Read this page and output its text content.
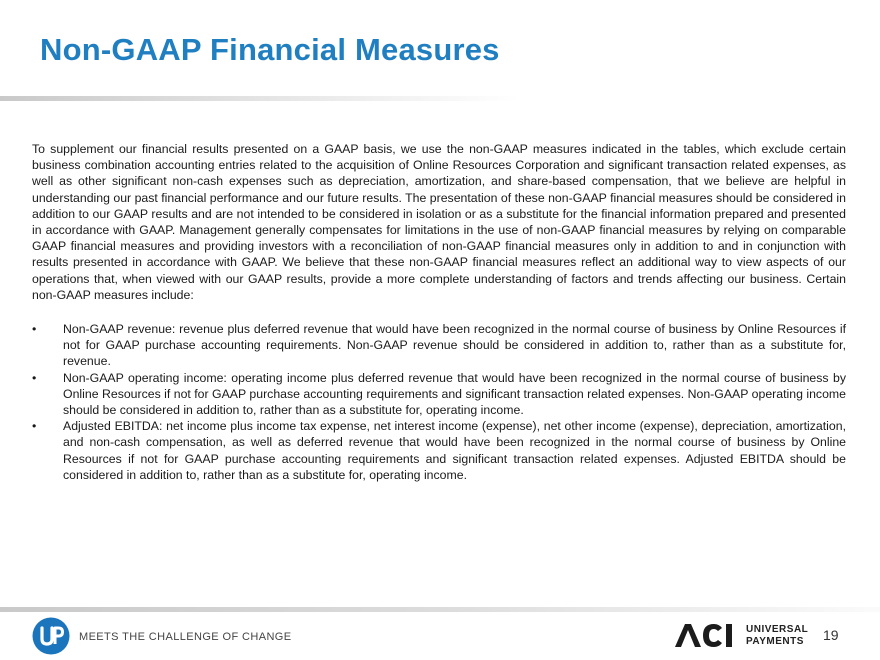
Non-GAAP Financial Measures

To supplement our financial results presented on a GAAP basis, we use the non-GAAP measures indicated in the tables, which exclude certain business combination accounting entries related to the acquisition of Online Resources Corporation and significant transaction related expenses, as well as other significant non-cash expenses such as depreciation, amortization, and share-based compensation, that we believe are helpful in understanding our past financial performance and our future results. The presentation of these non-GAAP financial measures should be considered in addition to our GAAP results and are not intended to be considered in isolation or as a substitute for the financial information prepared and presented in accordance with GAAP. Management generally compensates for limitations in the use of non-GAAP financial measures by relying on comparable GAAP financial measures and providing investors with a reconciliation of non-GAAP financial measures only in addition to and in conjunction with results presented in accordance with GAAP. We believe that these non-GAAP financial measures reflect an additional way to view aspects of our operations that, when viewed with our GAAP results, provide a more complete understanding of factors and trends affecting our business. Certain non-GAAP measures include:

• Non-GAAP revenue: revenue plus deferred revenue that would have been recognized in the normal course of business by Online Resources if not for GAAP purchase accounting requirements. Non-GAAP revenue should be considered in addition to, rather than as a substitute for, revenue.
• Non-GAAP operating income: operating income plus deferred revenue that would have been recognized in the normal course of business by Online Resources if not for GAAP purchase accounting requirements and significant transaction related expenses. Non-GAAP operating income should be considered in addition to, rather than as a substitute for, operating income.
• Adjusted EBITDA: net income plus income tax expense, net interest income (expense), net other income (expense), depreciation, amortization, and non-cash compensation, as well as deferred revenue that would have been recognized in the normal course of business by Online Resources if not for GAAP purchase accounting requirements and significant transaction related expenses. Adjusted EBITDA should be considered in addition to, rather than as a substitute for, operating income.
MEETS THE CHALLENGE OF CHANGE
UNIVERSAL
PAYMENTS	19
